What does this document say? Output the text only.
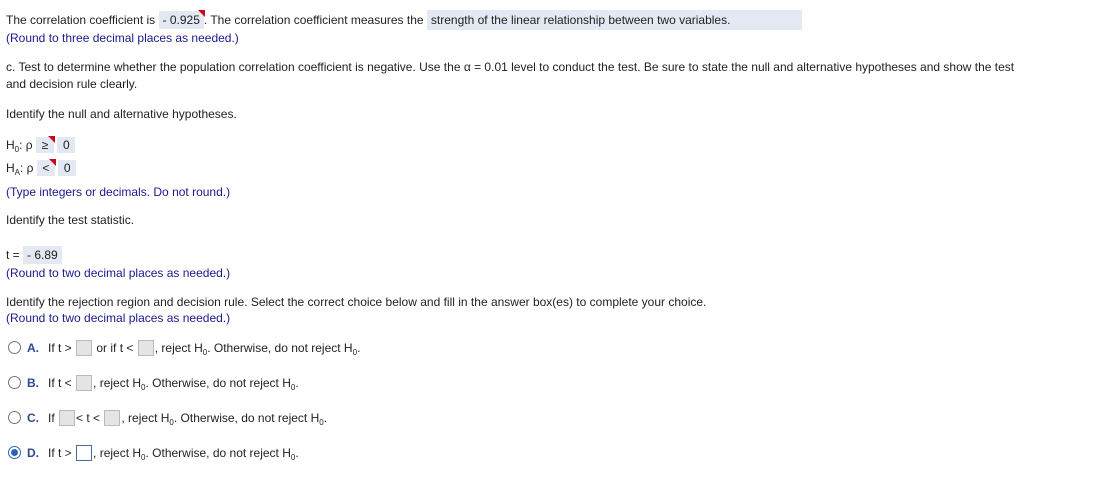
The correlation coefficient is - 0.925 . The correlation coefficient measures the strength of the linear relationship between two variables.
(Round to three decimal places as needed.)
c. Test to determine whether the population correlation coefficient is negative. Use the α = 0.01 level to conduct the test. Be sure to state the null and alternative hypotheses and show the test
and decision rule clearly.
Identify the null and alternative hypotheses.
$H_0$: ρ ≥ 0
$H_A$: ρ < 0
(Type integers or decimals. Do not round.)
Identify the test statistic.
t = - 6.89
(Round to two decimal places as needed.)
Identify the rejection region and decision rule. Select the correct choice below and fill in the answer box(es) to complete your choice.
(Round to two decimal places as needed.)
A. If t > or if t < , reject $H_0$. Otherwise, do not reject $H_0$.
B. If t < , reject $H_0$. Otherwise, do not reject $H_0$.
C. If < t < , reject $H_0$. Otherwise, do not reject $H_0$.
D. If t > , reject $H_0$. Otherwise, do not reject $H_0$.
